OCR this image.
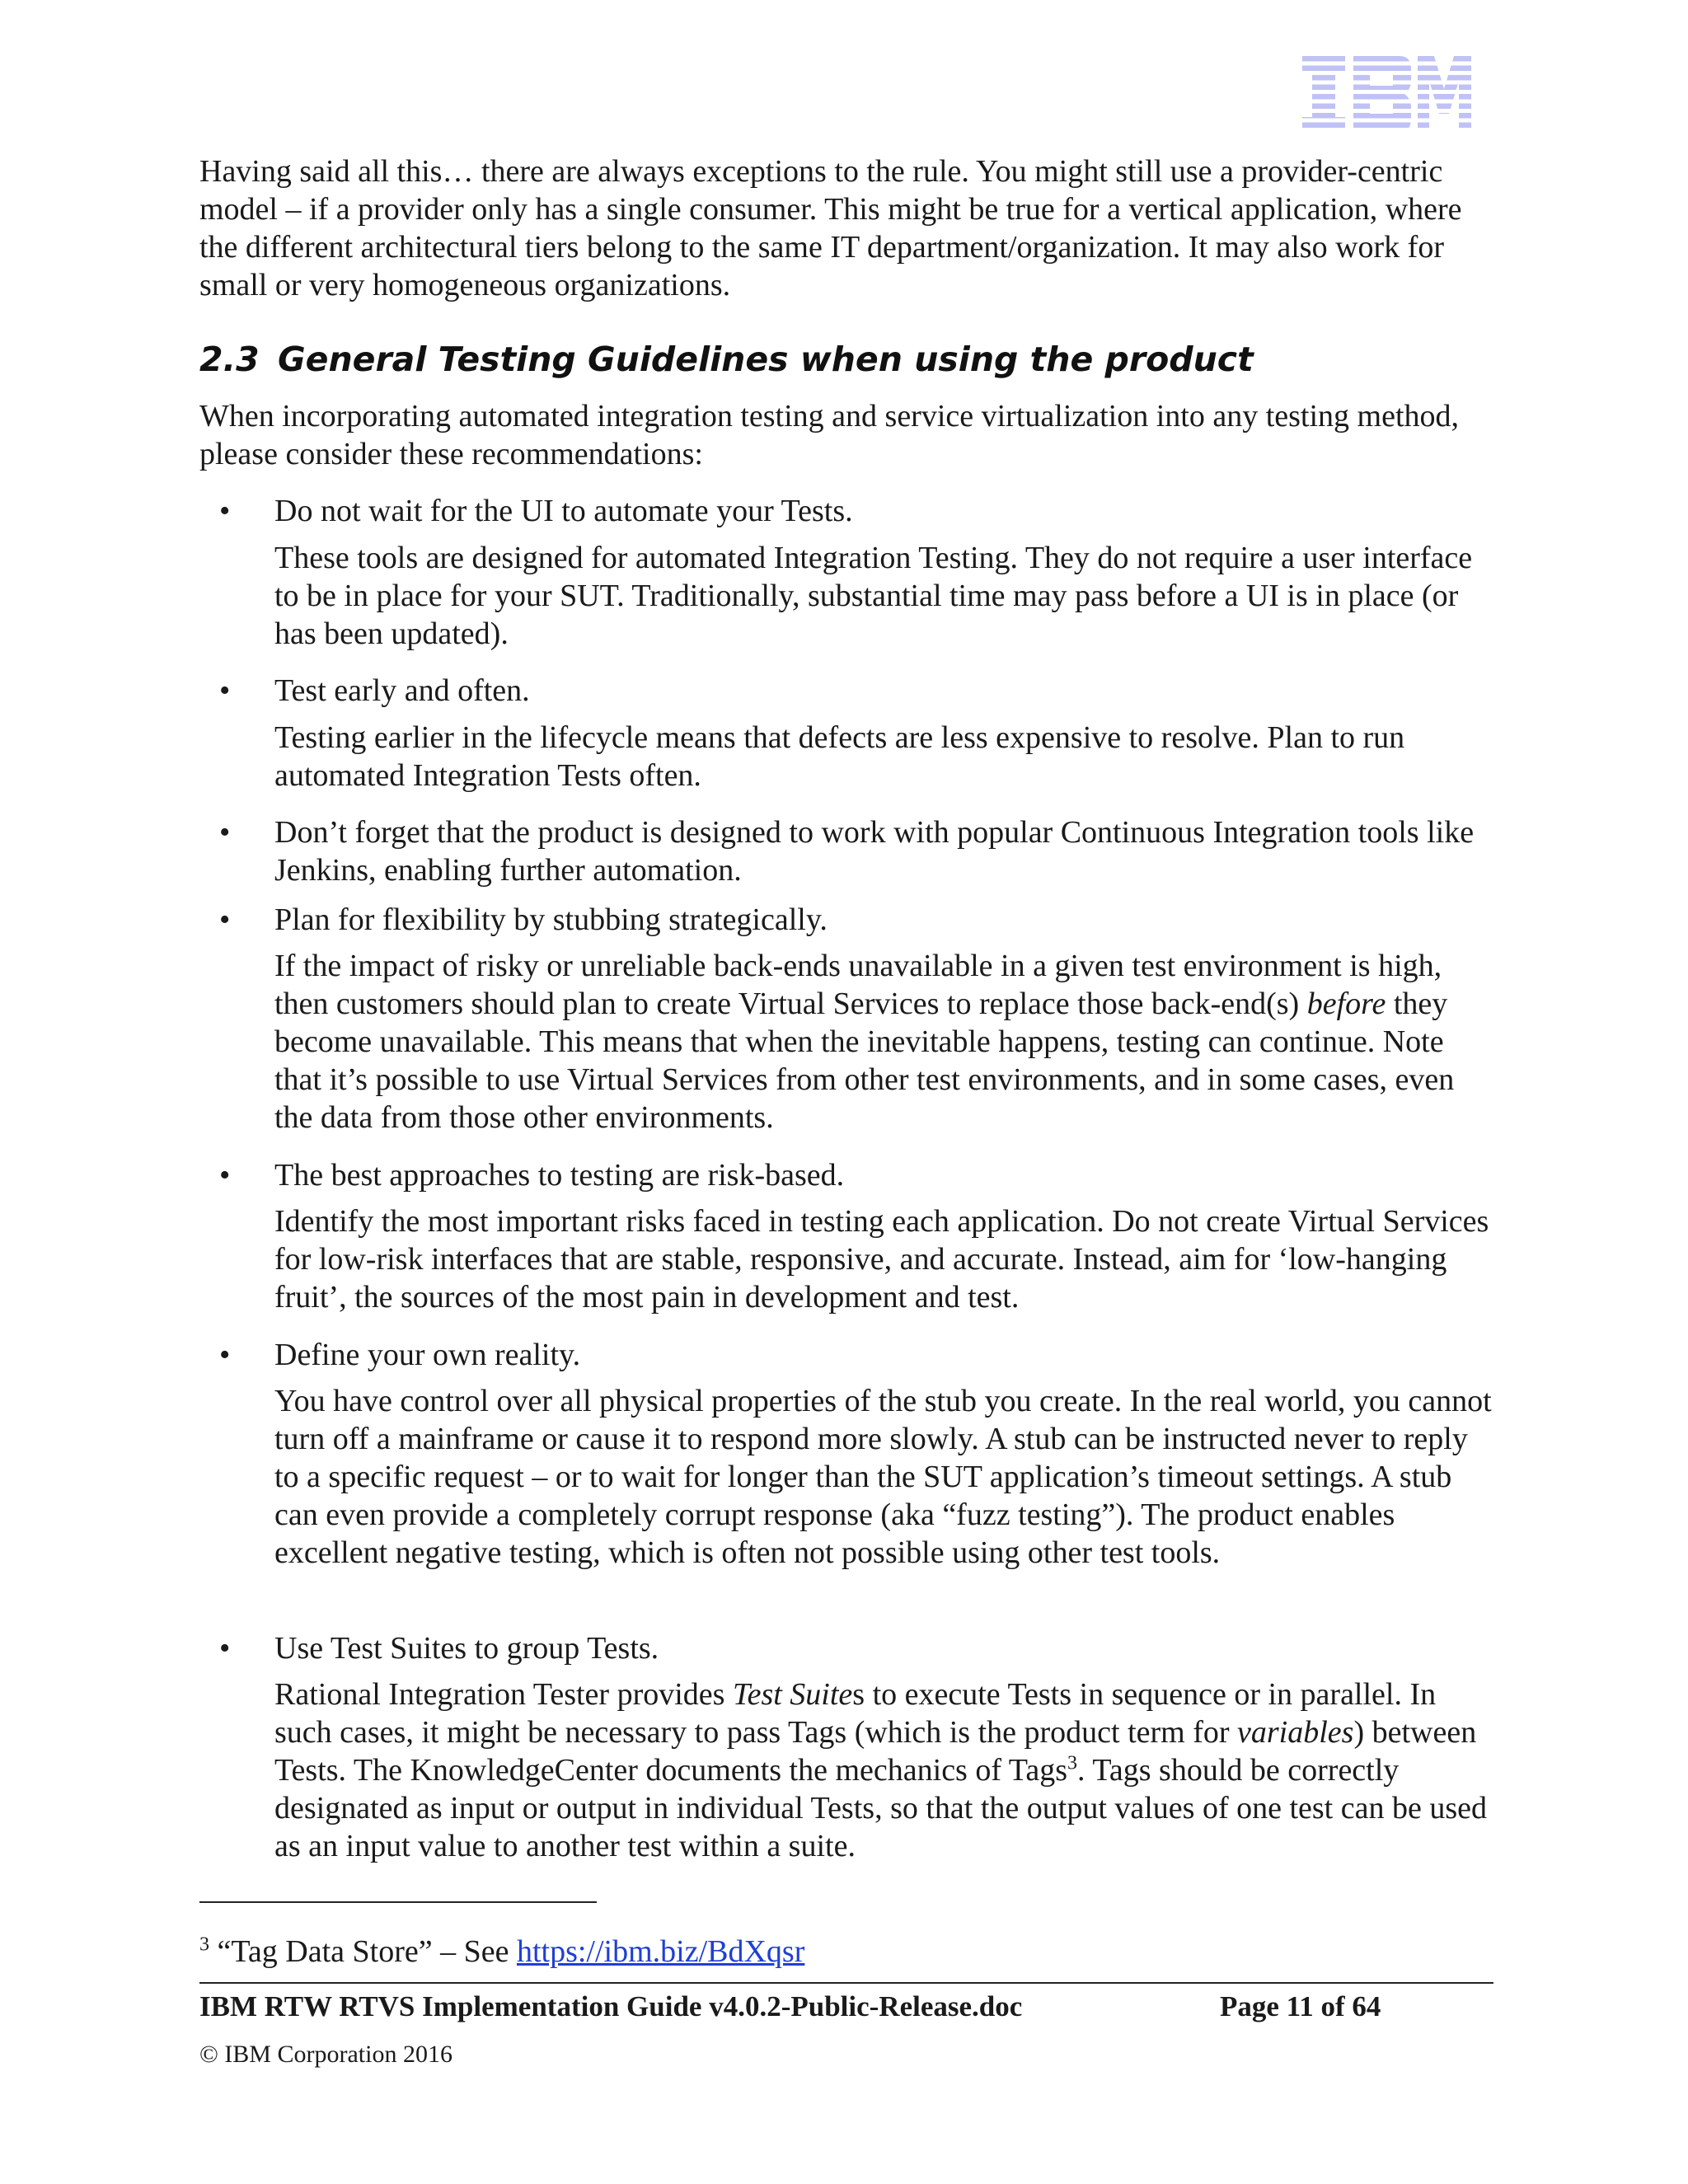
Having said all this… there are always exceptions to the rule. You might still use a provider-centric model – if a provider only has a single consumer. This might be true for a vertical application, where the different architectural tiers belong to the same IT department/organization. It may also work for small or very homogeneous organizations.

2.3 General Testing Guidelines when using the product

When incorporating automated integration testing and service virtualization into any testing method, please consider these recommendations:

• Do not wait for the UI to automate your Tests.

These tools are designed for automated Integration Testing. They do not require a user interface to be in place for your SUT. Traditionally, substantial time may pass before a UI is in place (or has been updated).

• Test early and often.

Testing earlier in the lifecycle means that defects are less expensive to resolve. Plan to run automated Integration Tests often.

• Don’t forget that the product is designed to work with popular Continuous Integration tools like Jenkins, enabling further automation.

• Plan for flexibility by stubbing strategically.

If the impact of risky or unreliable back-ends unavailable in a given test environment is high, then customers should plan to create Virtual Services to replace those back-end(s) before they become unavailable. This means that when the inevitable happens, testing can continue. Note that it’s possible to use Virtual Services from other test environments, and in some cases, even the data from those other environments.

• The best approaches to testing are risk-based.

Identify the most important risks faced in testing each application. Do not create Virtual Services for low-risk interfaces that are stable, responsive, and accurate. Instead, aim for ‘low-hanging fruit’, the sources of the most pain in development and test.

• Define your own reality.

You have control over all physical properties of the stub you create. In the real world, you cannot turn off a mainframe or cause it to respond more slowly. A stub can be instructed never to reply to a specific request – or to wait for longer than the SUT application’s timeout settings. A stub can even provide a completely corrupt response (aka “fuzz testing”). The product enables excellent negative testing, which is often not possible using other test tools.

• Use Test Suites to group Tests.

Rational Integration Tester provides Test Suites to execute Tests in sequence or in parallel. In such cases, it might be necessary to pass Tags (which is the product term for variables) between Tests. The KnowledgeCenter documents the mechanics of Tags$^3$. Tags should be correctly designated as input or output in individual Tests, so that the output values of one test can be used as an input value to another test within a suite.

$^3$ “Tag Data Store” – See https://ibm.biz/BdXqsr
IBM RTW RTVS Implementation Guide v4.0.2-Public-Release.doc	Page 11 of 64
© IBM Corporation 2016
